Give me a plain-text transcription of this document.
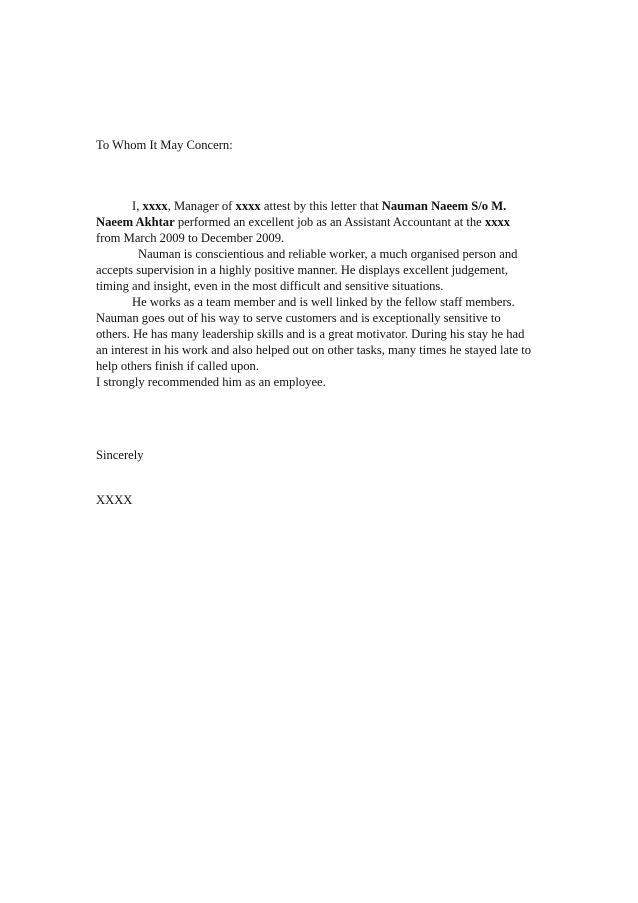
To Whom It May Concern:

I, xxxx, Manager of xxxx attest by this letter that Nauman Naeem S/o M.

Naeem Akhtar performed an excellent job as an Assistant Accountant at the xxxx

from March 2009 to December 2009.

Nauman is conscientious and reliable worker, a much organised person and

accepts supervision in a highly positive manner. He displays excellent judgement,

timing and insight, even in the most difficult and sensitive situations.

He works as a team member and is well linked by the fellow staff members.

Nauman goes out of his way to serve customers and is exceptionally sensitive to

others. He has many leadership skills and is a great motivator. During his stay he had

an interest in his work and also helped out on other tasks, many times he stayed late to

help others finish if called upon.

I strongly recommended him as an employee.

Sincerely

XXXX
